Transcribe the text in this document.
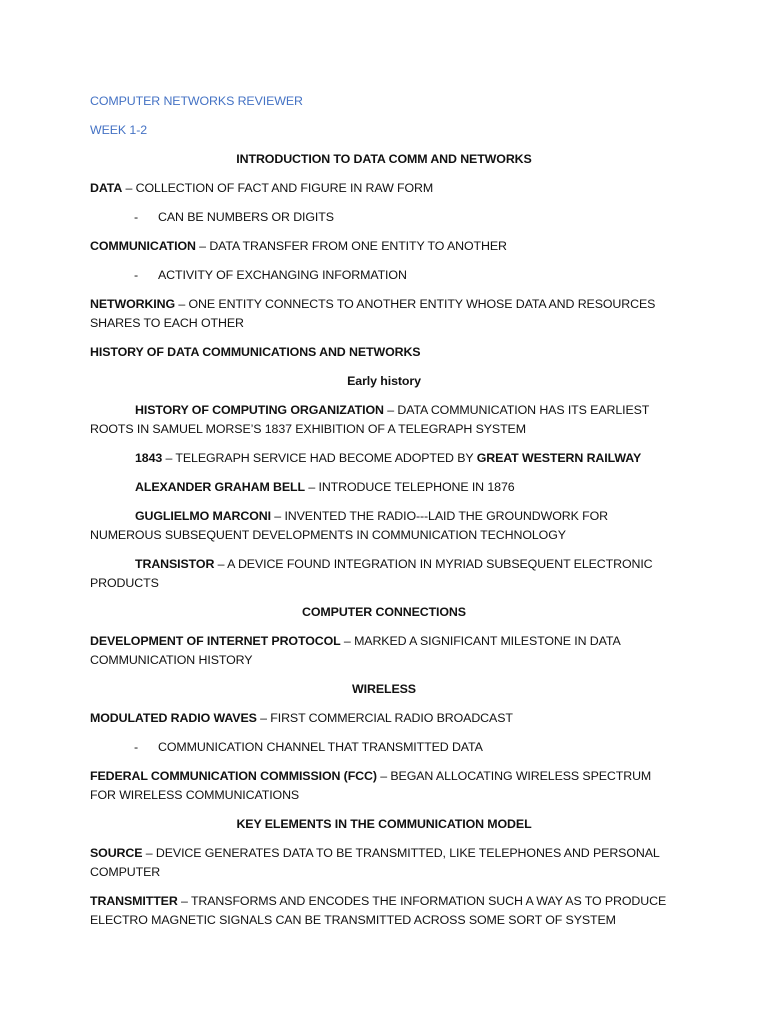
COMPUTER NETWORKS REVIEWER

WEEK 1-2

INTRODUCTION TO DATA COMM AND NETWORKS

DATA – COLLECTION OF FACT AND FIGURE IN RAW FORM

- CAN BE NUMBERS OR DIGITS

COMMUNICATION – DATA TRANSFER FROM ONE ENTITY TO ANOTHER

- ACTIVITY OF EXCHANGING INFORMATION

NETWORKING – ONE ENTITY CONNECTS TO ANOTHER ENTITY WHOSE DATA AND RESOURCES SHARES TO EACH OTHER

HISTORY OF DATA COMMUNICATIONS AND NETWORKS

Early history

HISTORY OF COMPUTING ORGANIZATION – DATA COMMUNICATION HAS ITS EARLIEST ROOTS IN SAMUEL MORSE’S 1837 EXHIBITION OF A TELEGRAPH SYSTEM

1843 – TELEGRAPH SERVICE HAD BECOME ADOPTED BY GREAT WESTERN RAILWAY

ALEXANDER GRAHAM BELL – INTRODUCE TELEPHONE IN 1876

GUGLIELMO MARCONI – INVENTED THE RADIO---LAID THE GROUNDWORK FOR NUMEROUS SUBSEQUENT DEVELOPMENTS IN COMMUNICATION TECHNOLOGY

TRANSISTOR – A DEVICE FOUND INTEGRATION IN MYRIAD SUBSEQUENT ELECTRONIC PRODUCTS

COMPUTER CONNECTIONS

DEVELOPMENT OF INTERNET PROTOCOL – MARKED A SIGNIFICANT MILESTONE IN DATA COMMUNICATION HISTORY

WIRELESS

MODULATED RADIO WAVES – FIRST COMMERCIAL RADIO BROADCAST

- COMMUNICATION CHANNEL THAT TRANSMITTED DATA

FEDERAL COMMUNICATION COMMISSION (FCC) – BEGAN ALLOCATING WIRELESS SPECTRUM FOR WIRELESS COMMUNICATIONS

KEY ELEMENTS IN THE COMMUNICATION MODEL

SOURCE – DEVICE GENERATES DATA TO BE TRANSMITTED, LIKE TELEPHONES AND PERSONAL COMPUTER

TRANSMITTER – TRANSFORMS AND ENCODES THE INFORMATION SUCH A WAY AS TO PRODUCE ELECTRO MAGNETIC SIGNALS CAN BE TRANSMITTED ACROSS SOME SORT OF SYSTEM
